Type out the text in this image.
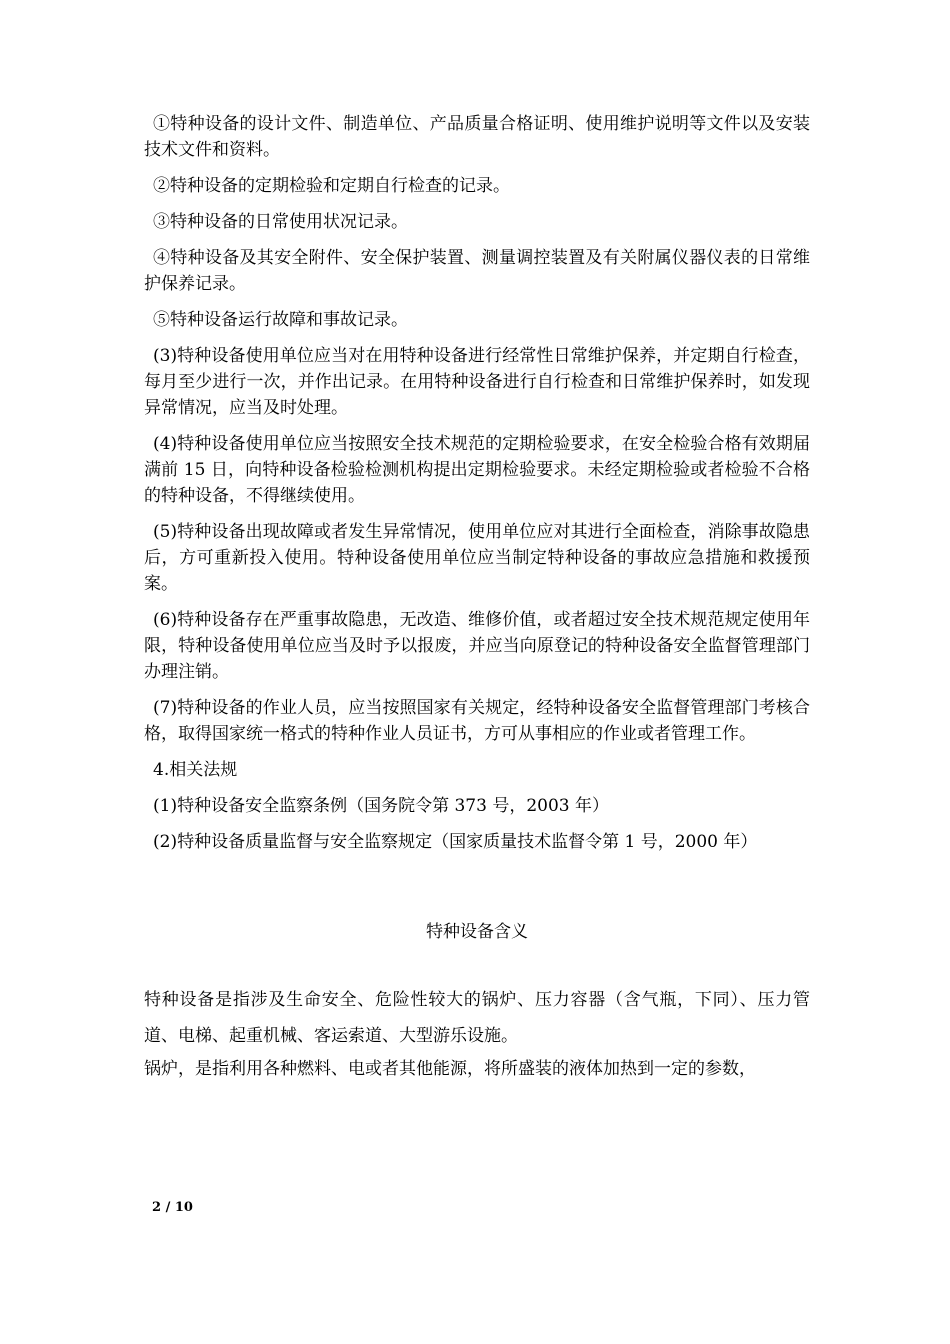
①特种设备的设计文件、制造单位、产品质量合格证明、使用维护说明等文件以及安装技术文件和资料。

②特种设备的定期检验和定期自行检查的记录。

③特种设备的日常使用状况记录。

④特种设备及其安全附件、安全保护装置、测量调控装置及有关附属仪器仪表的日常维护保养记录。

⑤特种设备运行故障和事故记录。

(3)特种设备使用单位应当对在用特种设备进行经常性日常维护保养，并定期自行检查，每月至少进行一次，并作出记录。在用特种设备进行自行检查和日常维护保养时，如发现异常情况，应当及时处理。

(4)特种设备使用单位应当按照安全技术规范的定期检验要求，在安全检验合格有效期届满前 15 日，向特种设备检验检测机构提出定期检验要求。未经定期检验或者检验不合格的特种设备，不得继续使用。

(5)特种设备出现故障或者发生异常情况，使用单位应对其进行全面检查，消除事故隐患后，方可重新投入使用。特种设备使用单位应当制定特种设备的事故应急措施和救援预案。

(6)特种设备存在严重事故隐患，无改造、维修价值，或者超过安全技术规范规定使用年限，特种设备使用单位应当及时予以报废，并应当向原登记的特种设备安全监督管理部门办理注销。

(7)特种设备的作业人员，应当按照国家有关规定，经特种设备安全监督管理部门考核合格，取得国家统一格式的特种作业人员证书，方可从事相应的作业或者管理工作。

4.相关法规

(1)特种设备安全监察条例（国务院令第 373 号，2003 年）

(2)特种设备质量监督与安全监察规定（国家质量技术监督令第 1 号，2000 年）

特种设备含义

特种设备是指涉及生命安全、危险性较大的锅炉、压力容器（含气瓶，下同）、压力管道、电梯、起重机械、客运索道、大型游乐设施。

锅炉，是指利用各种燃料、电或者其他能源，将所盛装的液体加热到一定的参数，

2 / 10
